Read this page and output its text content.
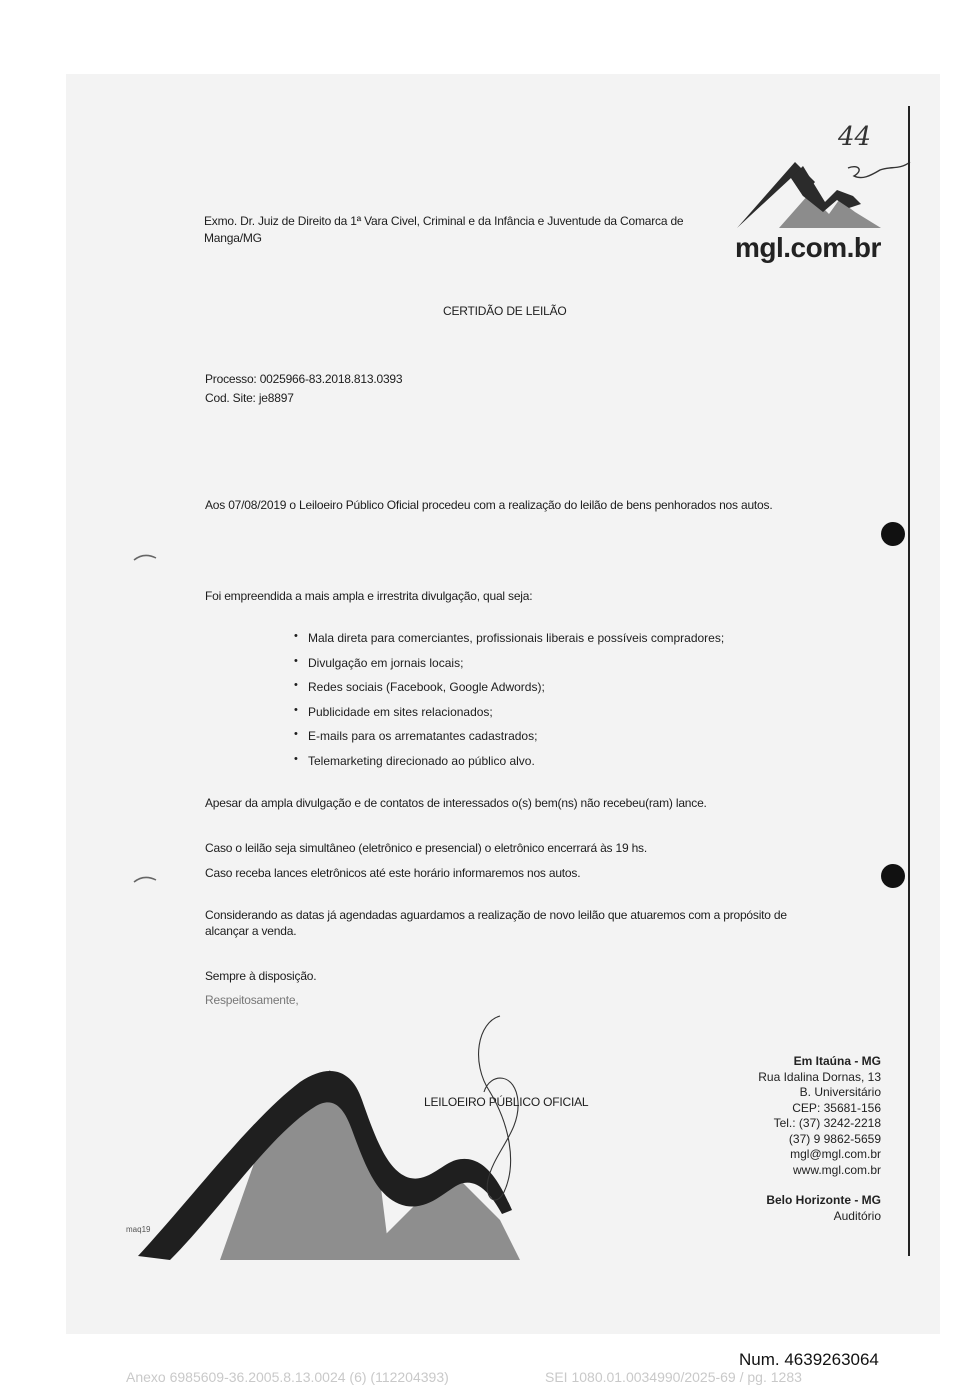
44
mgl.com.br
Exmo. Dr. Juiz de Direito da 1ª Vara Civel, Criminal e da Infância e Juventude da Comarca de
Manga/MG
CERTIDÃO DE LEILÃO
Processo: 0025966-83.2018.813.0393
Cod. Site: je8897
Aos 07/08/2019 o Leiloeiro Público Oficial procedeu com a realização do leilão de bens penhorados nos autos.
Foi empreendida a mais ampla e irrestrita divulgação, qual seja:
• Mala direta para comerciantes, profissionais liberais e possíveis compradores;
• Divulgação em jornais locais;
• Redes sociais (Facebook, Google Adwords);
• Publicidade em sites relacionados;
• E-mails para os arrematantes cadastrados;
• Telemarketing direcionado ao público alvo.
Apesar da ampla divulgação e de contatos de interessados o(s) bem(ns) não recebeu(ram) lance.
Caso o leilão seja simultâneo (eletrônico e presencial) o eletrônico encerrará às 19 hs.
Caso receba lances eletrônicos até este horário informaremos nos autos.
Considerando as datas já agendadas aguardamos a realização de novo leilão que atuaremos com a propósito de
alcançar a venda.
Sempre à disposição.
Respeitosamente,
maq19
LEILOEIRO PÚBLICO OFICIAL
Em Itaúna - MG
Rua Idalina Dornas, 13
B. Universitário
CEP: 35681-156
Tel.: (37) 3242-2218
(37) 9 9862-5659
mgl@mgl.com.br
www.mgl.com.br
Belo Horizonte - MG
Auditório
Num. 4639263064
Anexo 6985609-36.2005.8.13.0024 (6) (112204393)	SEI 1080.01.0034990/2025-69 / pg. 1283
